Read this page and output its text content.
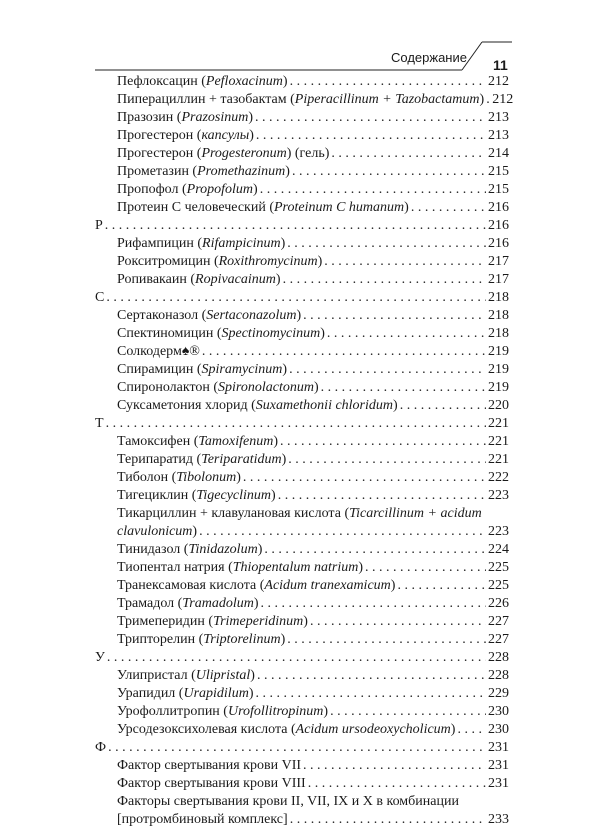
Содержание 11
Пефлоксацин (Pefloxacinum) . . .	212
Пиперациллин + тазобактам (Piperacillinum + Tazobactamum) . . . 212
Празозин (Prazosinum) . . .	213
Прогестерон (капсулы) . . .	213
Прогестерон (Progesteronum) (гель) . . .	214
Прометазин (Promethazinum) . . .	215
Пропофол (Propofolum) . . .	215
Протеин С человеческий (Proteinum C humanum) . . .	216
Р . . .	216
Рифампицин (Rifampicinum) . . .	216
Рокситромицин (Roxithromycinum) . . .	217
Ропивакаин (Ropivacainum) . . .	217
С . . .	218
Сертаконазол (Sertaconazolum) . . .	218
Спектиномицин (Spectinomycinum) . . .	218
Солкодерм♠® . . .	219
Спирамицин (Spiramycinum) . . .	219
Спиронолактон (Spironolactonum) . . .	219
Суксаметония хлорид (Suxamethonii chloridum) . . .	220
Т . . .	221
Тамоксифен (Tamoxifenum) . . .	221
Терипаратид (Teriparatidum) . . .	221
Тиболон (Tibolonum) . . .	222
Тигециклин (Tigecyclinum) . . .	223
Тикарциллин + клавулановая кислота (Ticarcillinum + acidum
clavulonicum) . . .	223
Тинидазол (Tinidazolum) . . .	224
Тиопентал натрия (Thiopentalum natrium) . . .	225
Транексамовая кислота (Acidum tranexamicum) . . .	225
Трамадол (Tramadolum) . . .	226
Тримеперидин (Trimeperidinum) . . .	227
Трипторелин (Triptorelinum) . . .	227
У . . .	228
Улипристал (Ulipristal) . . .	228
Урапидил (Urapidilum) . . .	229
Урофоллитропин (Urofollitropinum) . . .	230
Урсодезоксихолевая кислота (Acidum ursodeoxycholicum) . . . 230
Ф . . .	231
Фактор свертывания крови VII . . .	231
Фактор свертывания крови VIII . . .	231
Факторы свертывания крови II, VII, IX и X в комбинации
[протромбиновый комплекс] . . .	233
